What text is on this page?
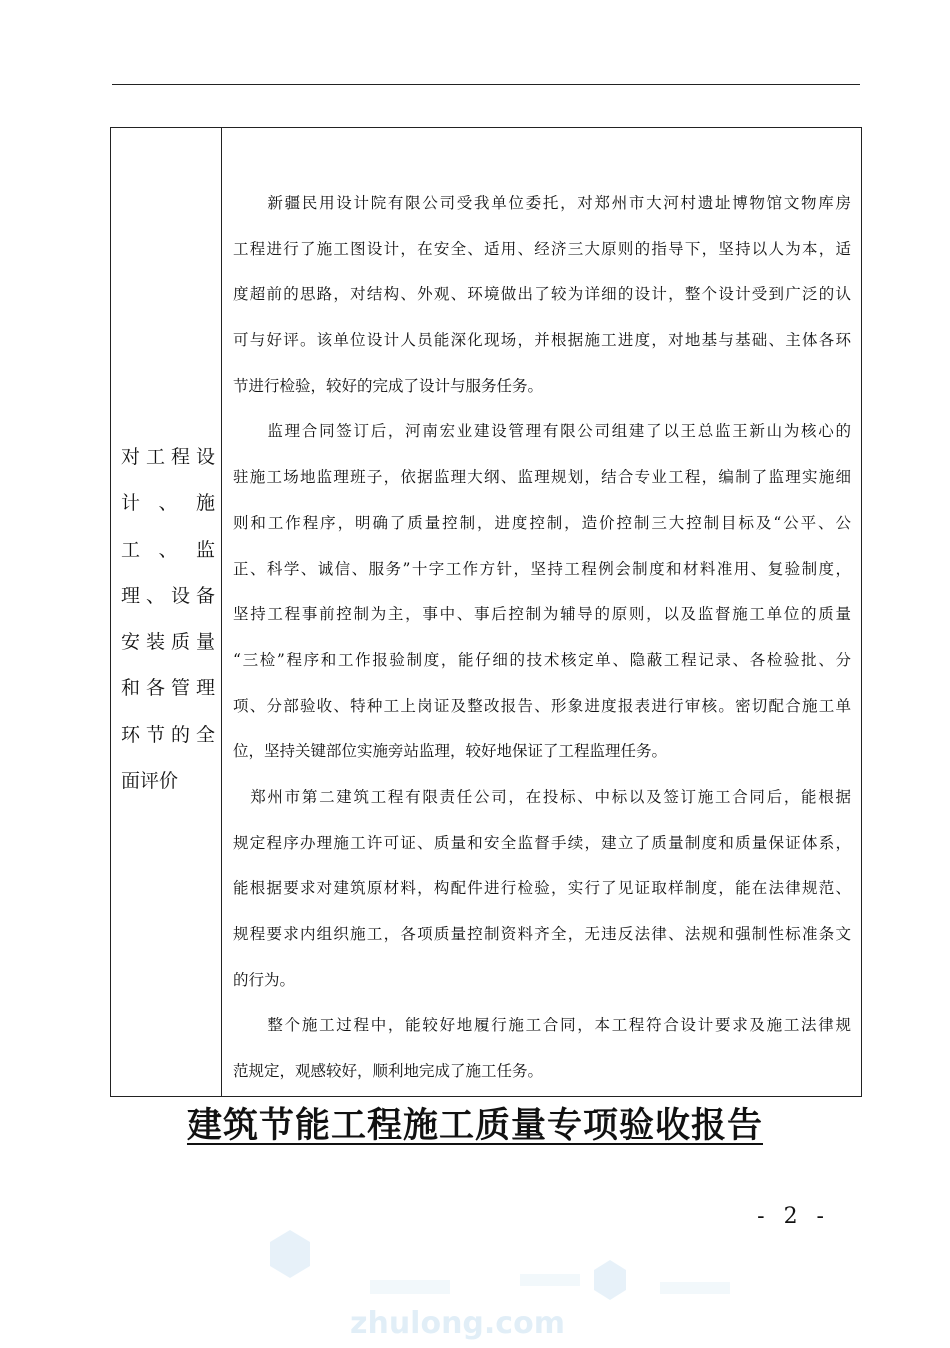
对工程设
计 、 施
工 、 监
理、设备
安装质量
和各管理
环节的全
面评价

　　新疆民用设计院有限公司受我单位委托，对郑州市大河村遗址博物馆文物库房

工程进行了施工图设计，在安全、适用、经济三大原则的指导下，坚持以人为本，适

度超前的思路，对结构、外观、环境做出了较为详细的设计，整个设计受到广泛的认

可与好评。该单位设计人员能深化现场，并根据施工进度，对地基与基础、主体各环

节进行检验，较好的完成了设计与服务任务。

　　监理合同签订后，河南宏业建设管理有限公司组建了以王总监王新山为核心的

驻施工场地监理班子，依据监理大纲、监理规划，结合专业工程，编制了监理实施细

则和工作程序，明确了质量控制，进度控制，造价控制三大控制目标及“公平、公

正、科学、诚信、服务”十字工作方针，坚持工程例会制度和材料准用、复验制度，

坚持工程事前控制为主，事中、事后控制为辅导的原则，以及监督施工单位的质量

“三检”程序和工作报验制度，能仔细的技术核定单、隐蔽工程记录、各检验批、分

项、分部验收、特种工上岗证及整改报告、形象进度报表进行审核。密切配合施工单

位，坚持关键部位实施旁站监理，较好地保证了工程监理任务。

　郑州市第二建筑工程有限责任公司，在投标、中标以及签订施工合同后，能根据

规定程序办理施工许可证、质量和安全监督手续，建立了质量制度和质量保证体系，

能根据要求对建筑原材料，构配件进行检验，实行了见证取样制度，能在法律规范、

规程要求内组织施工，各项质量控制资料齐全，无违反法律、法规和强制性标准条文

的行为。

　　整个施工过程中，能较好地履行施工合同，本工程符合设计要求及施工法律规

范规定，观感较好，顺利地完成了施工任务。

建筑节能工程施工质量专项验收报告
- 2 -
zhulong.com
